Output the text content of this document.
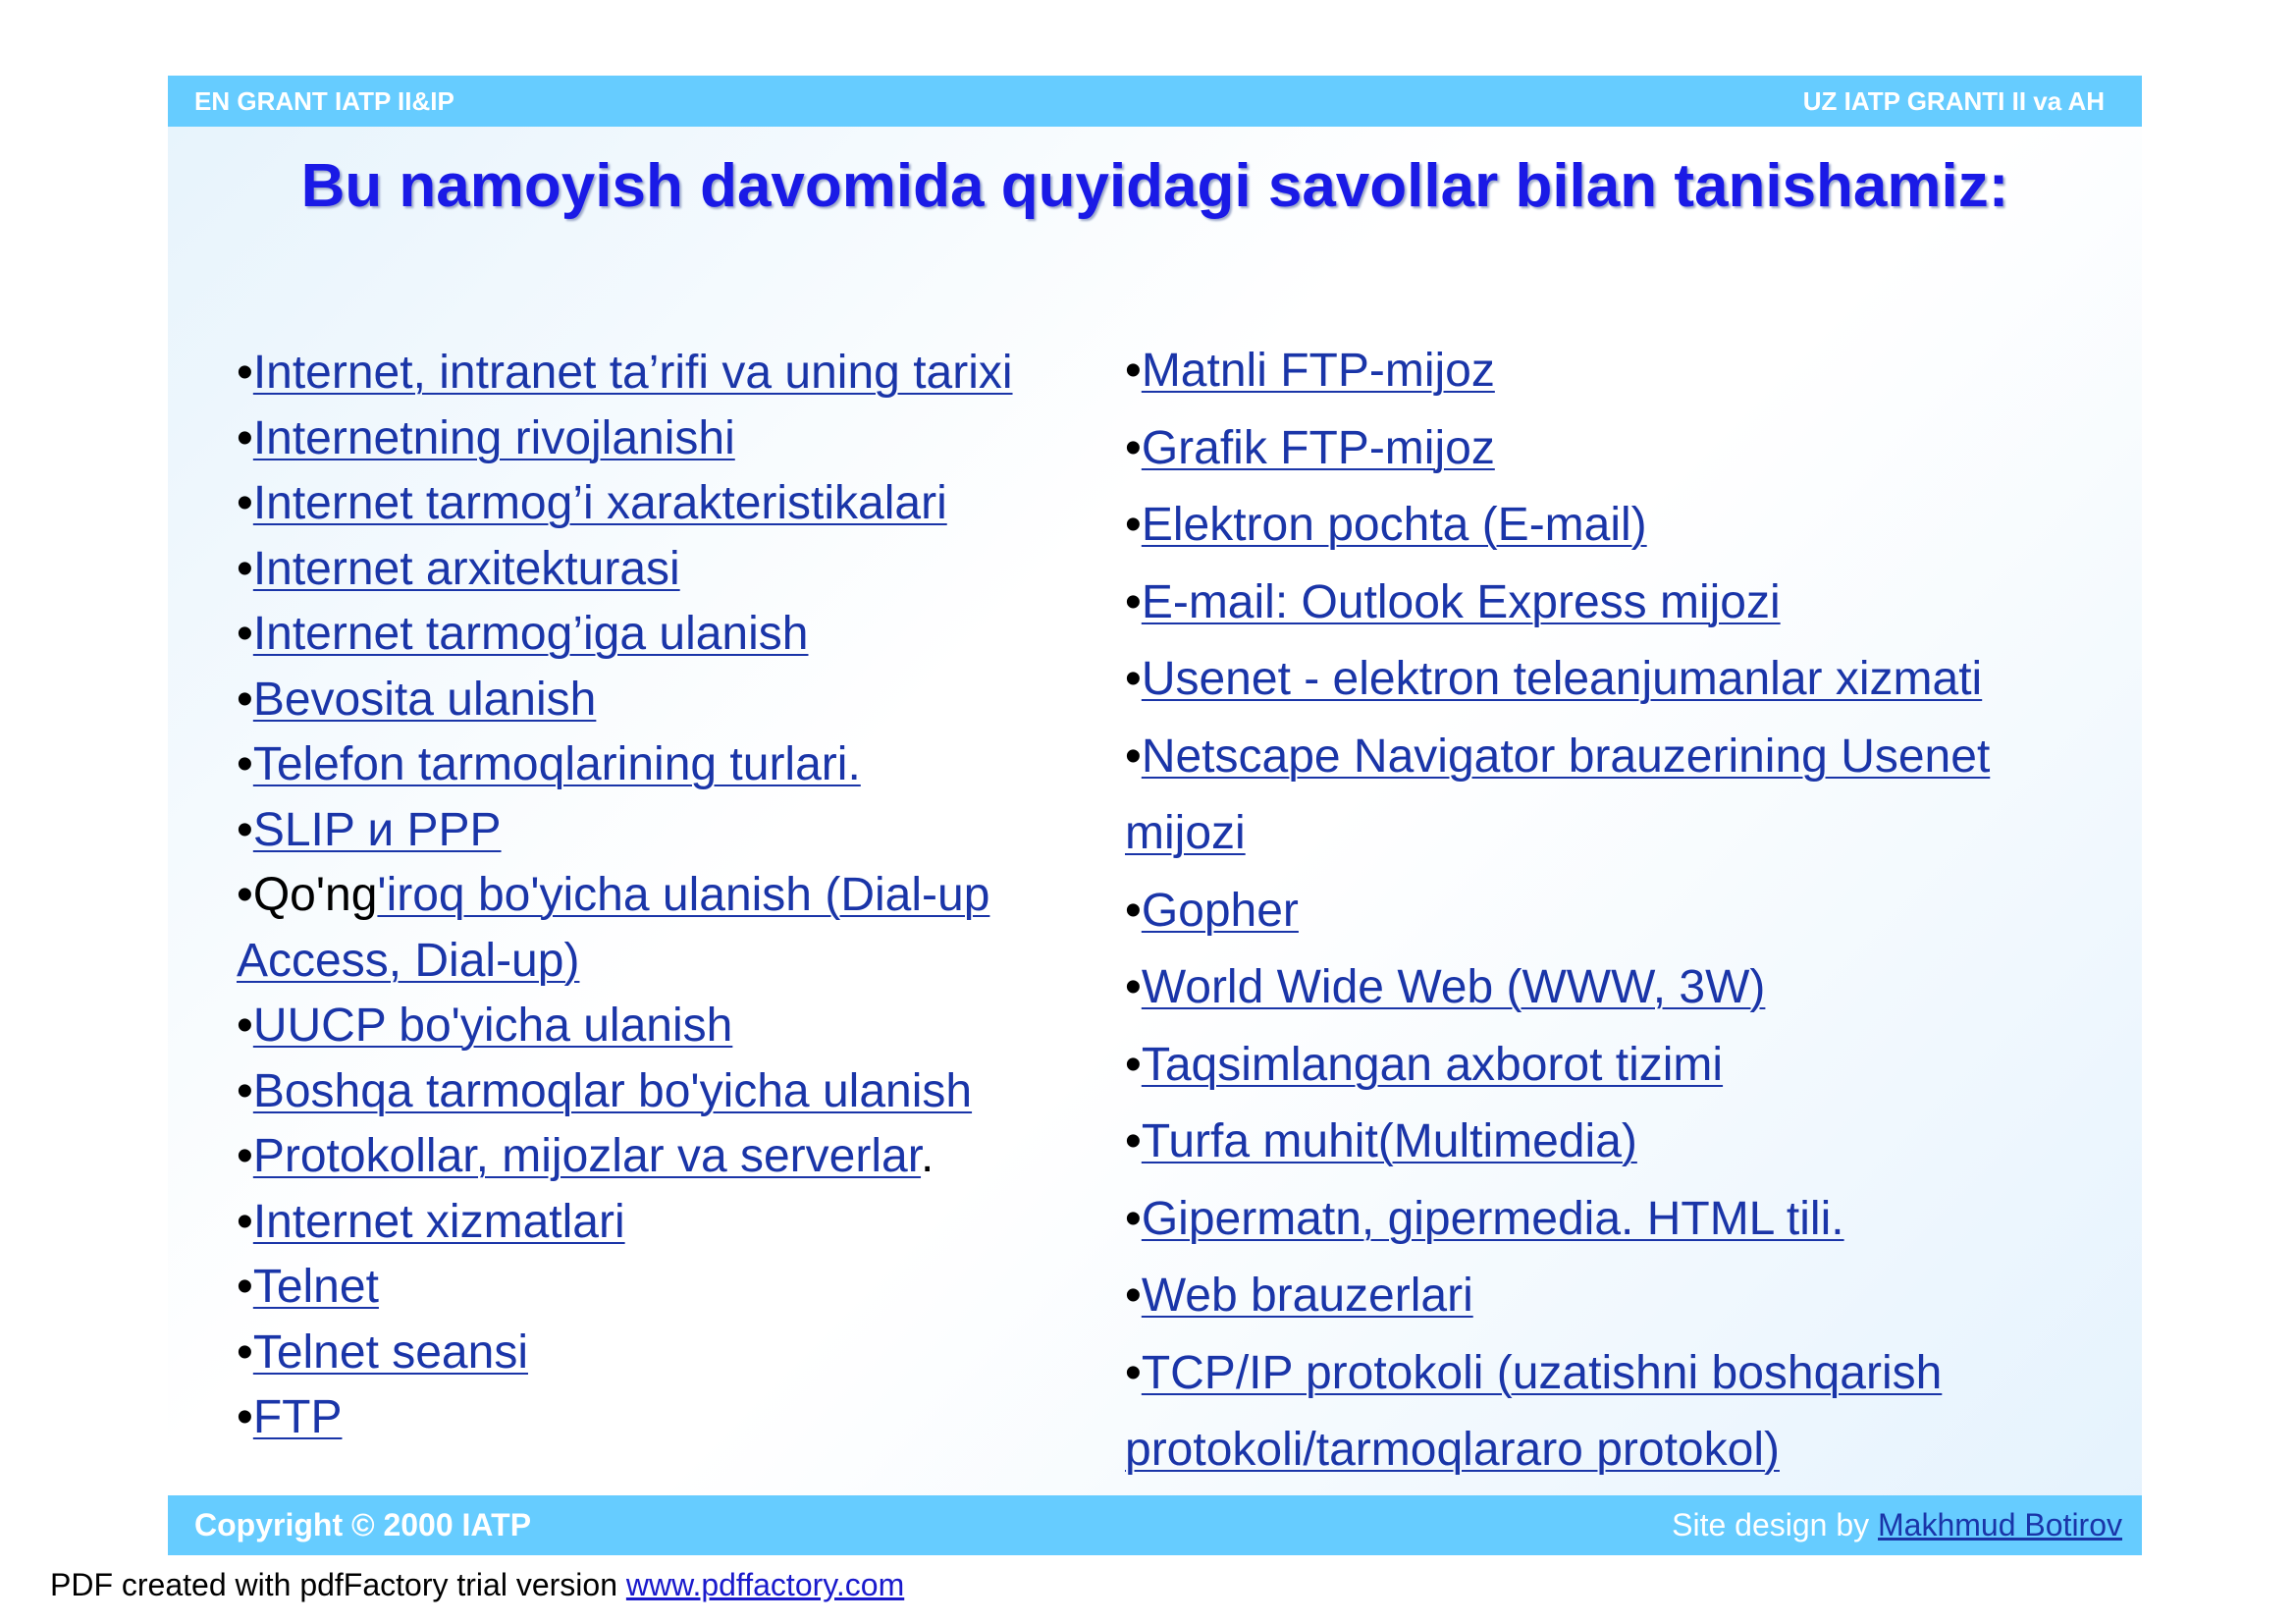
EN GRANT IATP II&IP	UZ IATP GRANTI II va AH
Bu namoyish davomida quyidagi savollar bilan tanishamiz:
•Internet, intranet ta’rifi va uning tarixi
•Internetning rivojlanishi
•Internet tarmog’i xarakteristikalari
•Internet arxitekturasi
•Internet tarmog’iga ulanish
•Bevosita ulanish
•Telefon tarmoqlarining turlari.
•SLIP и PPP
•Qo'ng'iroq bo'yicha ulanish (Dial-up Access, Dial-up)
•UUCP bo'yicha ulanish
•Boshqa tarmoqlar bo'yicha ulanish
•Protokollar, mijozlar va serverlar.
•Internet xizmatlari
•Telnet
•Telnet seansi
•FTP
•Matnli FTP-mijoz
•Grafik FTP-mijoz
•Elektron pochta (E-mail)
•E-mail: Outlook Express mijozi
•Usenet - elektron teleanjumanlar xizmati
•Netscape Navigator brauzerining Usenet mijozi
•Gopher
•World Wide Web (WWW, 3W)
•Taqsimlangan axborot tizimi
•Turfa muhit(Multimedia)
•Gipermatn, gipermedia. HTML tili.
•Web brauzerlari
•TCP/IP protokoli (uzatishni boshqarish protokoli/tarmoqlararo protokol)
Copyright © 2000 IATP	Site design by Makhmud Botirov
PDF created with pdfFactory trial version www.pdffactory.com
